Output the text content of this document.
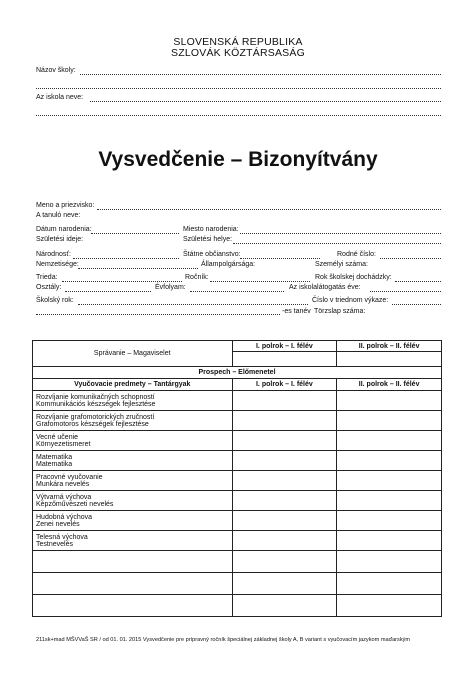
SLOVENSKÁ REPUBLIKA
SZLOVÁK KÖZTÁRSASÁG
Názov školy:
Az iskola neve:
Vysvedčenie – Bizonyítvány
Meno a priezvisko:
A tanuló neve:
Dátum narodenia:	Miesto narodenia:
Születési ideje:	Születési helye:
Národnosť:	Štátne občianstvo:	Rodné číslo:
Nemzetisége:	Állampolgársága:	Személyi száma:
Trieda:	Ročník:	Rok školskej dochádzky:
Osztály:	Évfolyam:	Az iskolalátogatás éve:
Školský rok:	Číslo v triednom výkaze:
-es tanév Törzslap száma:
Správanie – Magaviselet	I. polrok – I. félév	II. polrok – II. félév

Prospech – Előmenetel		
Vyučovacie predmety – Tantárgyak	I. polrok – I. félév	II. polrok – II. félév

Rozvíjanie komunikačných schopností
Kommunikációs készségek fejlesztése		

Rozvíjanie grafomotorických zručností
Grafomotoros készségek fejlesztése		

Vecné učenie
Környezetismeret		

Matematika
Matematika		

Pracovné vyučovanie
Munkára nevelés		

Výtvarná výchova
Képzőművészeti nevelés		

Hudobná výchova
Zenei nevelés		

Telesná výchova
Testnevelés		

211sk+mad MŠVVaŠ SR / od 01. 01. 2015 Vysvedčenie pre prípravný ročník špeciálnej základnej školy A, B variant s vyučovacím jazykom maďarským
